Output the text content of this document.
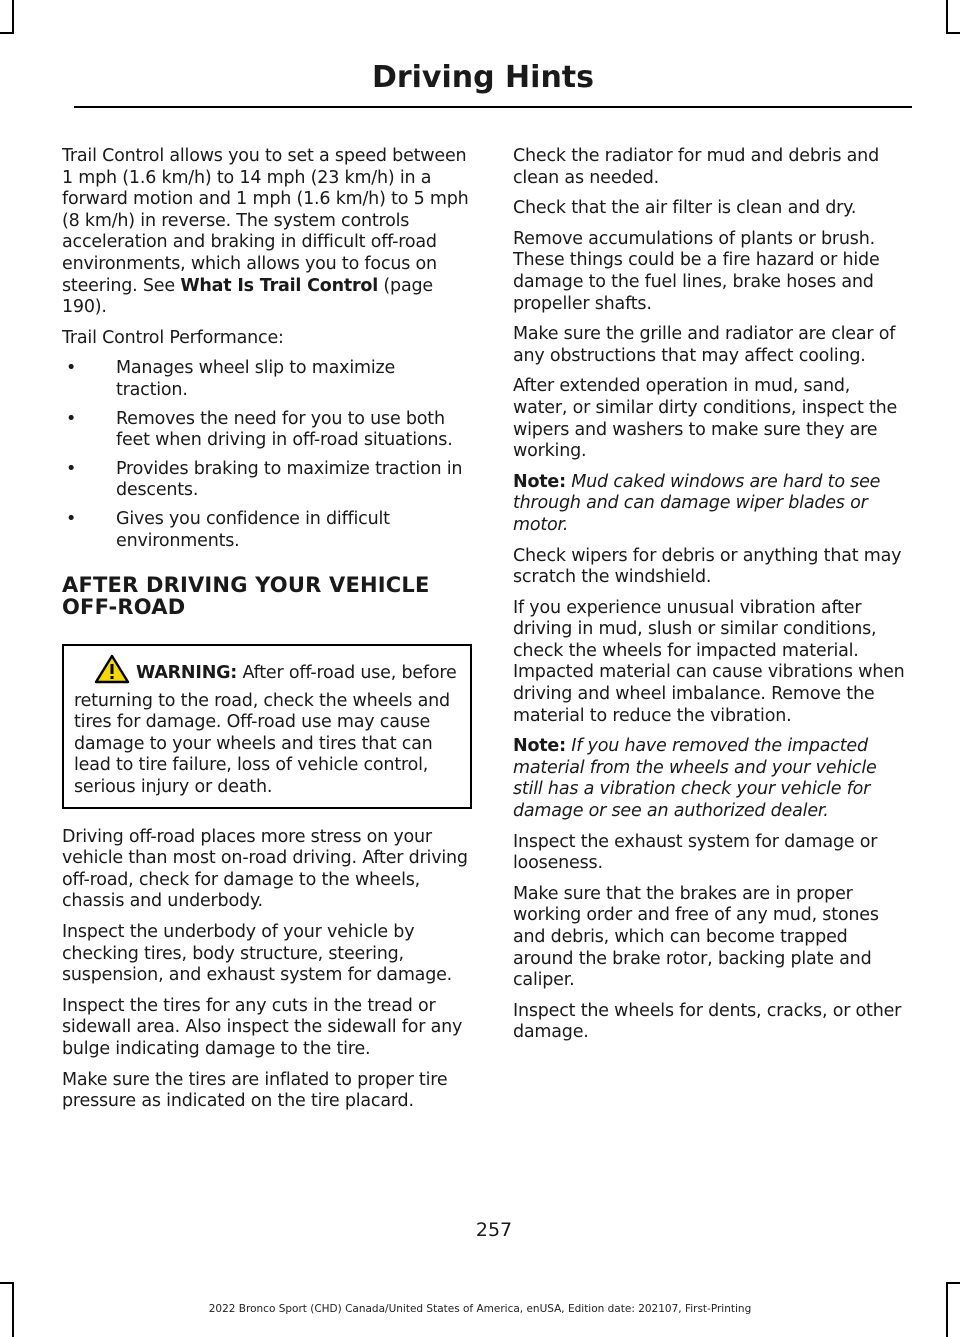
Driving Hints

Trail Control allows you to set a speed between 1 mph (1.6 km/h) to 14 mph (23 km/h) in a forward motion and 1 mph (1.6 km/h) to 5 mph (8 km/h) in reverse. The system controls acceleration and braking in difficult off-road environments, which allows you to focus on steering. See What Is Trail Control (page 190).

Trail Control Performance:

• Manages wheel slip to maximize traction.
• Removes the need for you to use both feet when driving in off-road situations.
• Provides braking to maximize traction in descents.
• Gives you confidence in difficult environments.
AFTER DRIVING YOUR VEHICLE OFF-ROAD
WARNING: After off-road use, before returning to the road, check the wheels and tires for damage. Off-road use may cause damage to your wheels and tires that can lead to tire failure, loss of vehicle control, serious injury or death.

Driving off-road places more stress on your vehicle than most on-road driving. After driving off-road, check for damage to the wheels, chassis and underbody.

Inspect the underbody of your vehicle by checking tires, body structure, steering, suspension, and exhaust system for damage.

Inspect the tires for any cuts in the tread or sidewall area. Also inspect the sidewall for any bulge indicating damage to the tire.

Make sure the tires are inflated to proper tire pressure as indicated on the tire placard.

Check the radiator for mud and debris and clean as needed.

Check that the air filter is clean and dry.

Remove accumulations of plants or brush. These things could be a fire hazard or hide damage to the fuel lines, brake hoses and propeller shafts.

Make sure the grille and radiator are clear of any obstructions that may affect cooling.

After extended operation in mud, sand, water, or similar dirty conditions, inspect the wipers and washers to make sure they are working.

Note: Mud caked windows are hard to see through and can damage wiper blades or motor.

Check wipers for debris or anything that may scratch the windshield.

If you experience unusual vibration after driving in mud, slush or similar conditions, check the wheels for impacted material. Impacted material can cause vibrations when driving and wheel imbalance. Remove the material to reduce the vibration.

Note: If you have removed the impacted material from the wheels and your vehicle still has a vibration check your vehicle for damage or see an authorized dealer.

Inspect the exhaust system for damage or looseness.

Make sure that the brakes are in proper working order and free of any mud, stones and debris, which can become trapped around the brake rotor, backing plate and caliper.

Inspect the wheels for dents, cracks, or other damage.

257
2022 Bronco Sport (CHD) Canada/United States of America, enUSA, Edition date: 202107, First-Printing
